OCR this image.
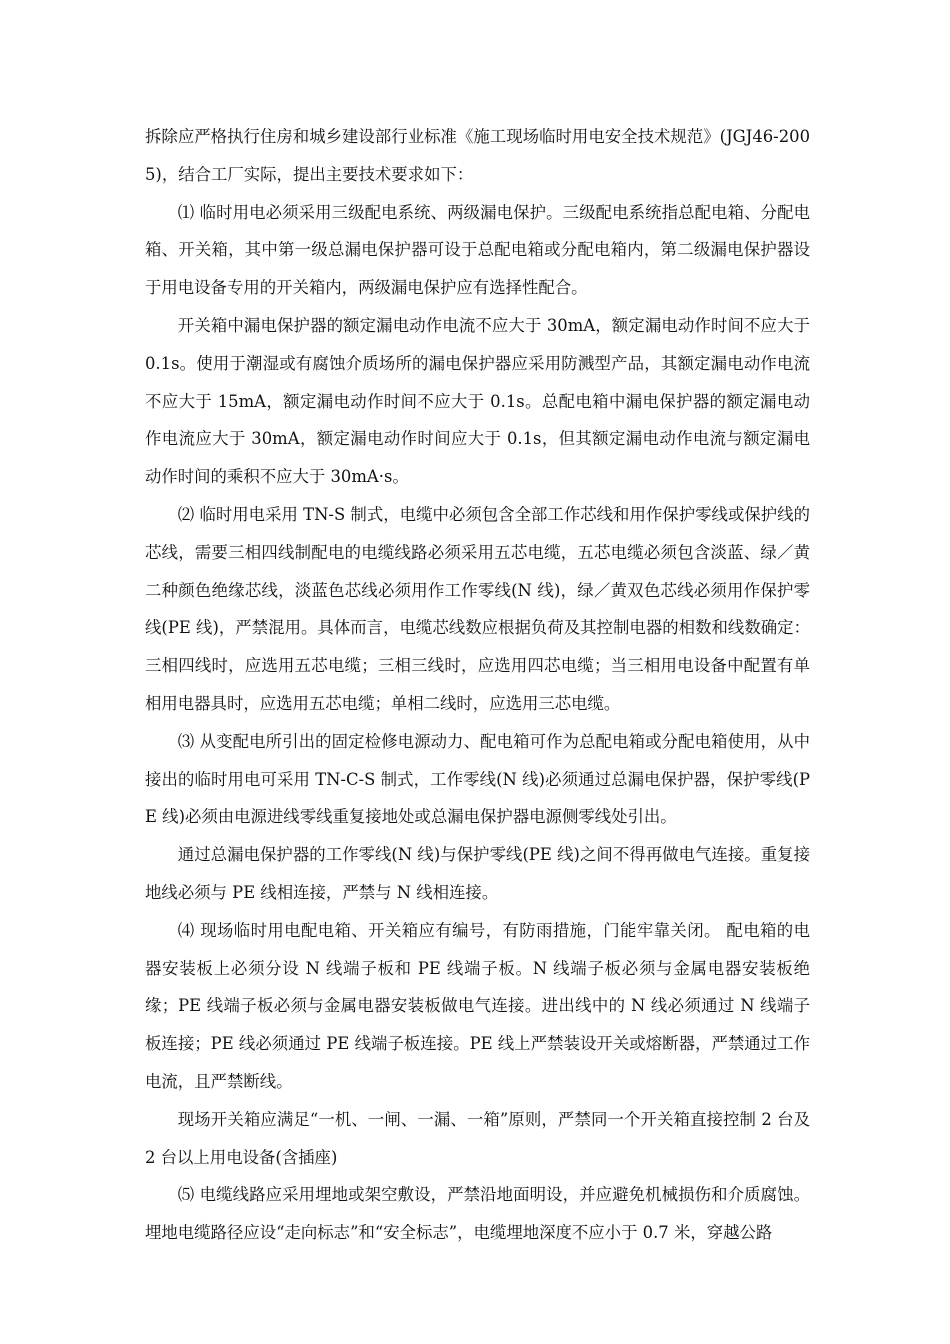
拆除应严格执行住房和城乡建设部行业标准《施工现场临时用电安全技术规范》(JGJ46-2005)，结合工厂实际，提出主要技术要求如下：

⑴ 临时用电必须采用三级配电系统、两级漏电保护。三级配电系统指总配电箱、分配电箱、开关箱，其中第一级总漏电保护器可设于总配电箱或分配电箱内，第二级漏电保护器设于用电设备专用的开关箱内，两级漏电保护应有选择性配合。

开关箱中漏电保护器的额定漏电动作电流不应大于 30mA，额定漏电动作时间不应大于 0.1s。使用于潮湿或有腐蚀介质场所的漏电保护器应采用防溅型产品，其额定漏电动作电流不应大于 15mA，额定漏电动作时间不应大于 0.1s。总配电箱中漏电保护器的额定漏电动作电流应大于 30mA，额定漏电动作时间应大于 0.1s，但其额定漏电动作电流与额定漏电动作时间的乘积不应大于 30mA·s。

⑵ 临时用电采用 TN-S 制式，电缆中必须包含全部工作芯线和用作保护零线或保护线的芯线，需要三相四线制配电的电缆线路必须采用五芯电缆，五芯电缆必须包含淡蓝、绿／黄二种颜色绝缘芯线，淡蓝色芯线必须用作工作零线(N 线)，绿／黄双色芯线必须用作保护零线(PE 线)，严禁混用。具体而言，电缆芯线数应根据负荷及其控制电器的相数和线数确定：三相四线时，应选用五芯电缆；三相三线时，应选用四芯电缆；当三相用电设备中配置有单相用电器具时，应选用五芯电缆；单相二线时，应选用三芯电缆。

⑶ 从变配电所引出的固定检修电源动力、配电箱可作为总配电箱或分配电箱使用，从中接出的临时用电可采用 TN-C-S 制式，工作零线(N 线)必须通过总漏电保护器，保护零线(PE 线)必须由电源进线零线重复接地处或总漏电保护器电源侧零线处引出。

通过总漏电保护器的工作零线(N 线)与保护零线(PE 线)之间不得再做电气连接。重复接地线必须与 PE 线相连接，严禁与 N 线相连接。

⑷ 现场临时用电配电箱、开关箱应有编号，有防雨措施，门能牢靠关闭。 配电箱的电器安装板上必须分设 N 线端子板和 PE 线端子板。N 线端子板必须与金属电器安装板绝缘；PE 线端子板必须与金属电器安装板做电气连接。进出线中的 N 线必须通过 N 线端子板连接；PE 线必须通过 PE 线端子板连接。PE 线上严禁装设开关或熔断器，严禁通过工作电流，且严禁断线。

现场开关箱应满足“一机、一闸、一漏、一箱”原则，严禁同一个开关箱直接控制 2 台及 2 台以上用电设备(含插座)

⑸ 电缆线路应采用埋地或架空敷设，严禁沿地面明设，并应避免机械损伤和介质腐蚀。埋地电缆路径应设“走向标志”和“安全标志”，电缆埋地深度不应小于 0.7 米，穿越公路
